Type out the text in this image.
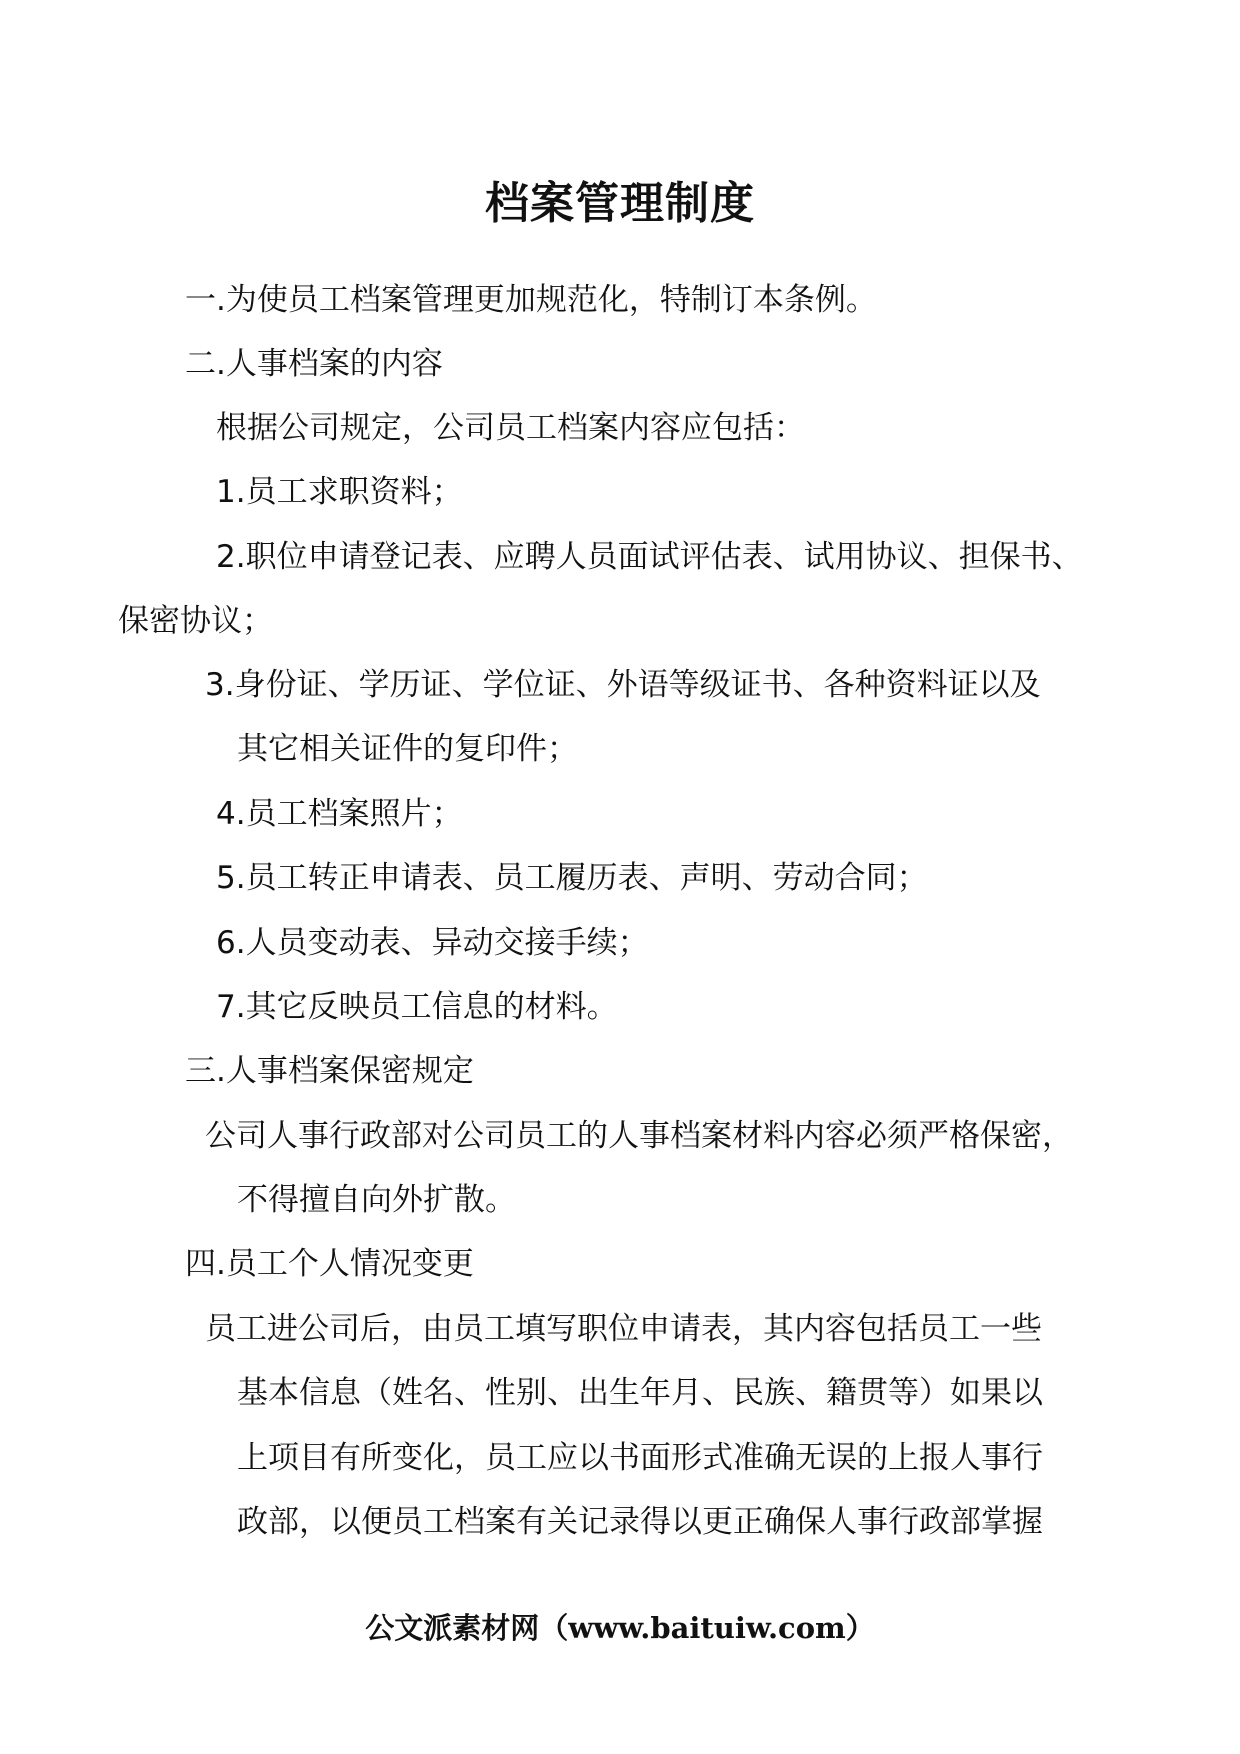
档案管理制度
一.为使员工档案管理更加规范化，特制订本条例。
二.人事档案的内容
根据公司规定，公司员工档案内容应包括：
1.员工求职资料；
2.职位申请登记表、应聘人员面试评估表、试用协议、担保书、
保密协议；
3.身份证、学历证、学位证、外语等级证书、各种资料证以及
其它相关证件的复印件；
4.员工档案照片；
5.员工转正申请表、员工履历表、声明、劳动合同；
6.人员变动表、异动交接手续；
7.其它反映员工信息的材料。
三.人事档案保密规定
公司人事行政部对公司员工的人事档案材料内容必须严格保密，
不得擅自向外扩散。
四.员工个人情况变更
员工进公司后，由员工填写职位申请表，其内容包括员工一些
基本信息（姓名、性别、出生年月、民族、籍贯等）如果以
上项目有所变化，员工应以书面形式准确无误的上报人事行
政部，以便员工档案有关记录得以更正确保人事行政部掌握
公文派素材网（www.baituiw.com）
